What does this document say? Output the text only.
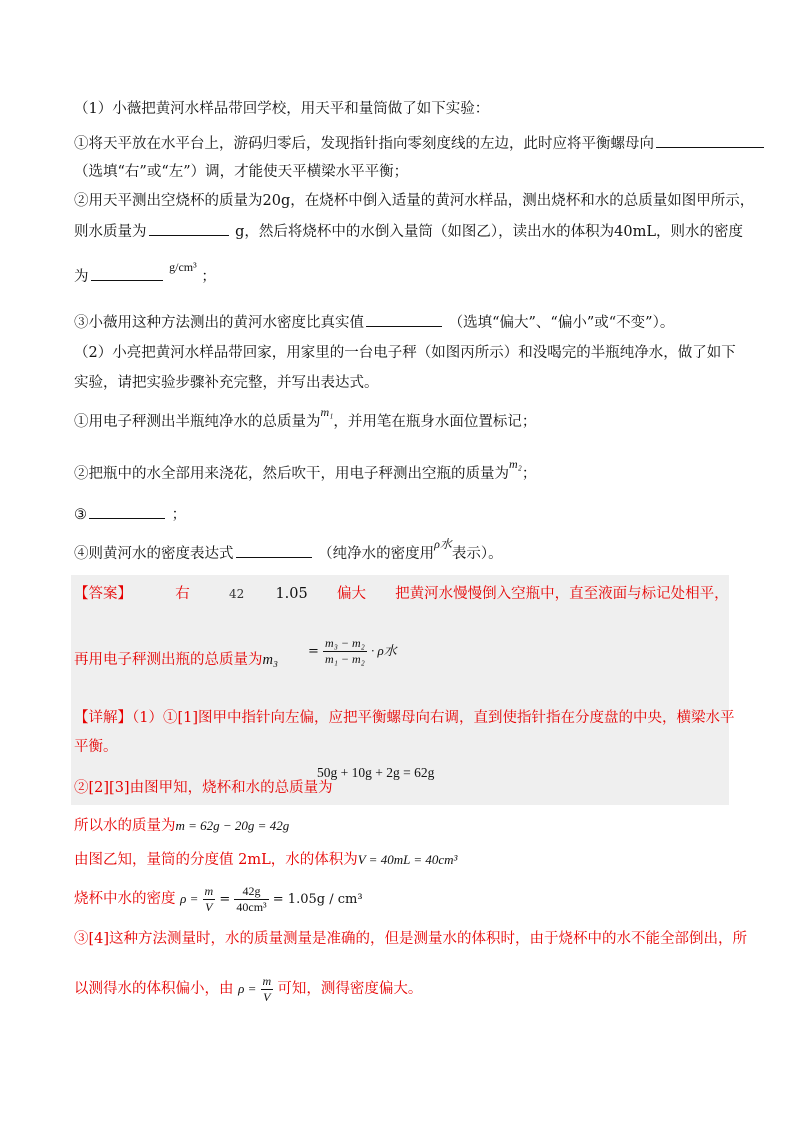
（1）小薇把黄河水样品带回学校，用天平和量筒做了如下实验：
①将天平放在水平台上，游码归零后，发现指针指向零刻度线的左边，此时应将平衡螺母向
（选填“右”或“左”）调，才能使天平横梁水平平衡；
②用天平测出空烧杯的质量为20g，在烧杯中倒入适量的黄河水样品，测出烧杯和水的总质量如图甲所示，
则水质量为	g，然后将烧杯中的水倒入量筒（如图乙），读出水的体积为40mL，则水的密度
为 $^{g/cm^3}$ ；
③小薇用这种方法测出的黄河水密度比真实值	（选填“偏大”、“偏小”或“不变”）。
（2）小亮把黄河水样品带回家，用家里的一台电子秤（如图丙所示）和没喝完的半瓶纯净水，做了如下
实验，请把实验步骤补充完整，并写出表达式。
①用电子秤测出半瓶纯净水的总质量为$^{m_1}$，并用笔在瓶身水面位置标记；
②把瓶中的水全部用来浇花，然后吹干，用电子秤测出空瓶的质量为$^{m_2}$；
③	；
④则黄河水的密度表达式	（纯净水的密度用$^{\rho 水}$表示）。
【答案】	右	42 1.05 偏大 把黄河水慢慢倒入空瓶中，直至液面与标记处相平，
再用电子秤测出瓶的总质量为m₃
= $\frac{\text{m₃ − m₂}}{\text{m₁ − m₂}} \cdot \rho$水
【详解】（1）①[1]图甲中指针向左偏，应把平衡螺母向右调，直到使指针指在分度盘的中央，横梁水平
平衡。
②[2][3]由图甲知，烧杯和水的总质量为
50g + 10g + 2g = 62g
所以水的质量为m = 62g − 20g = 42g
由图乙知，量筒的分度值 2mL，水的体积为V = 40mL = 40cm³
烧杯中水的密度 $\rho = \frac{m}{V} = \frac{42g}{\text{40cm³}} = 1.05g / cm^3$
③[4]这种方法测量时，水的质量测量是准确的，但是测量水的体积时，由于烧杯中的水不能全部倒出，所
以测得水的体积偏小，由 $\rho = \frac{m}{V}$ 可知，测得密度偏大。
